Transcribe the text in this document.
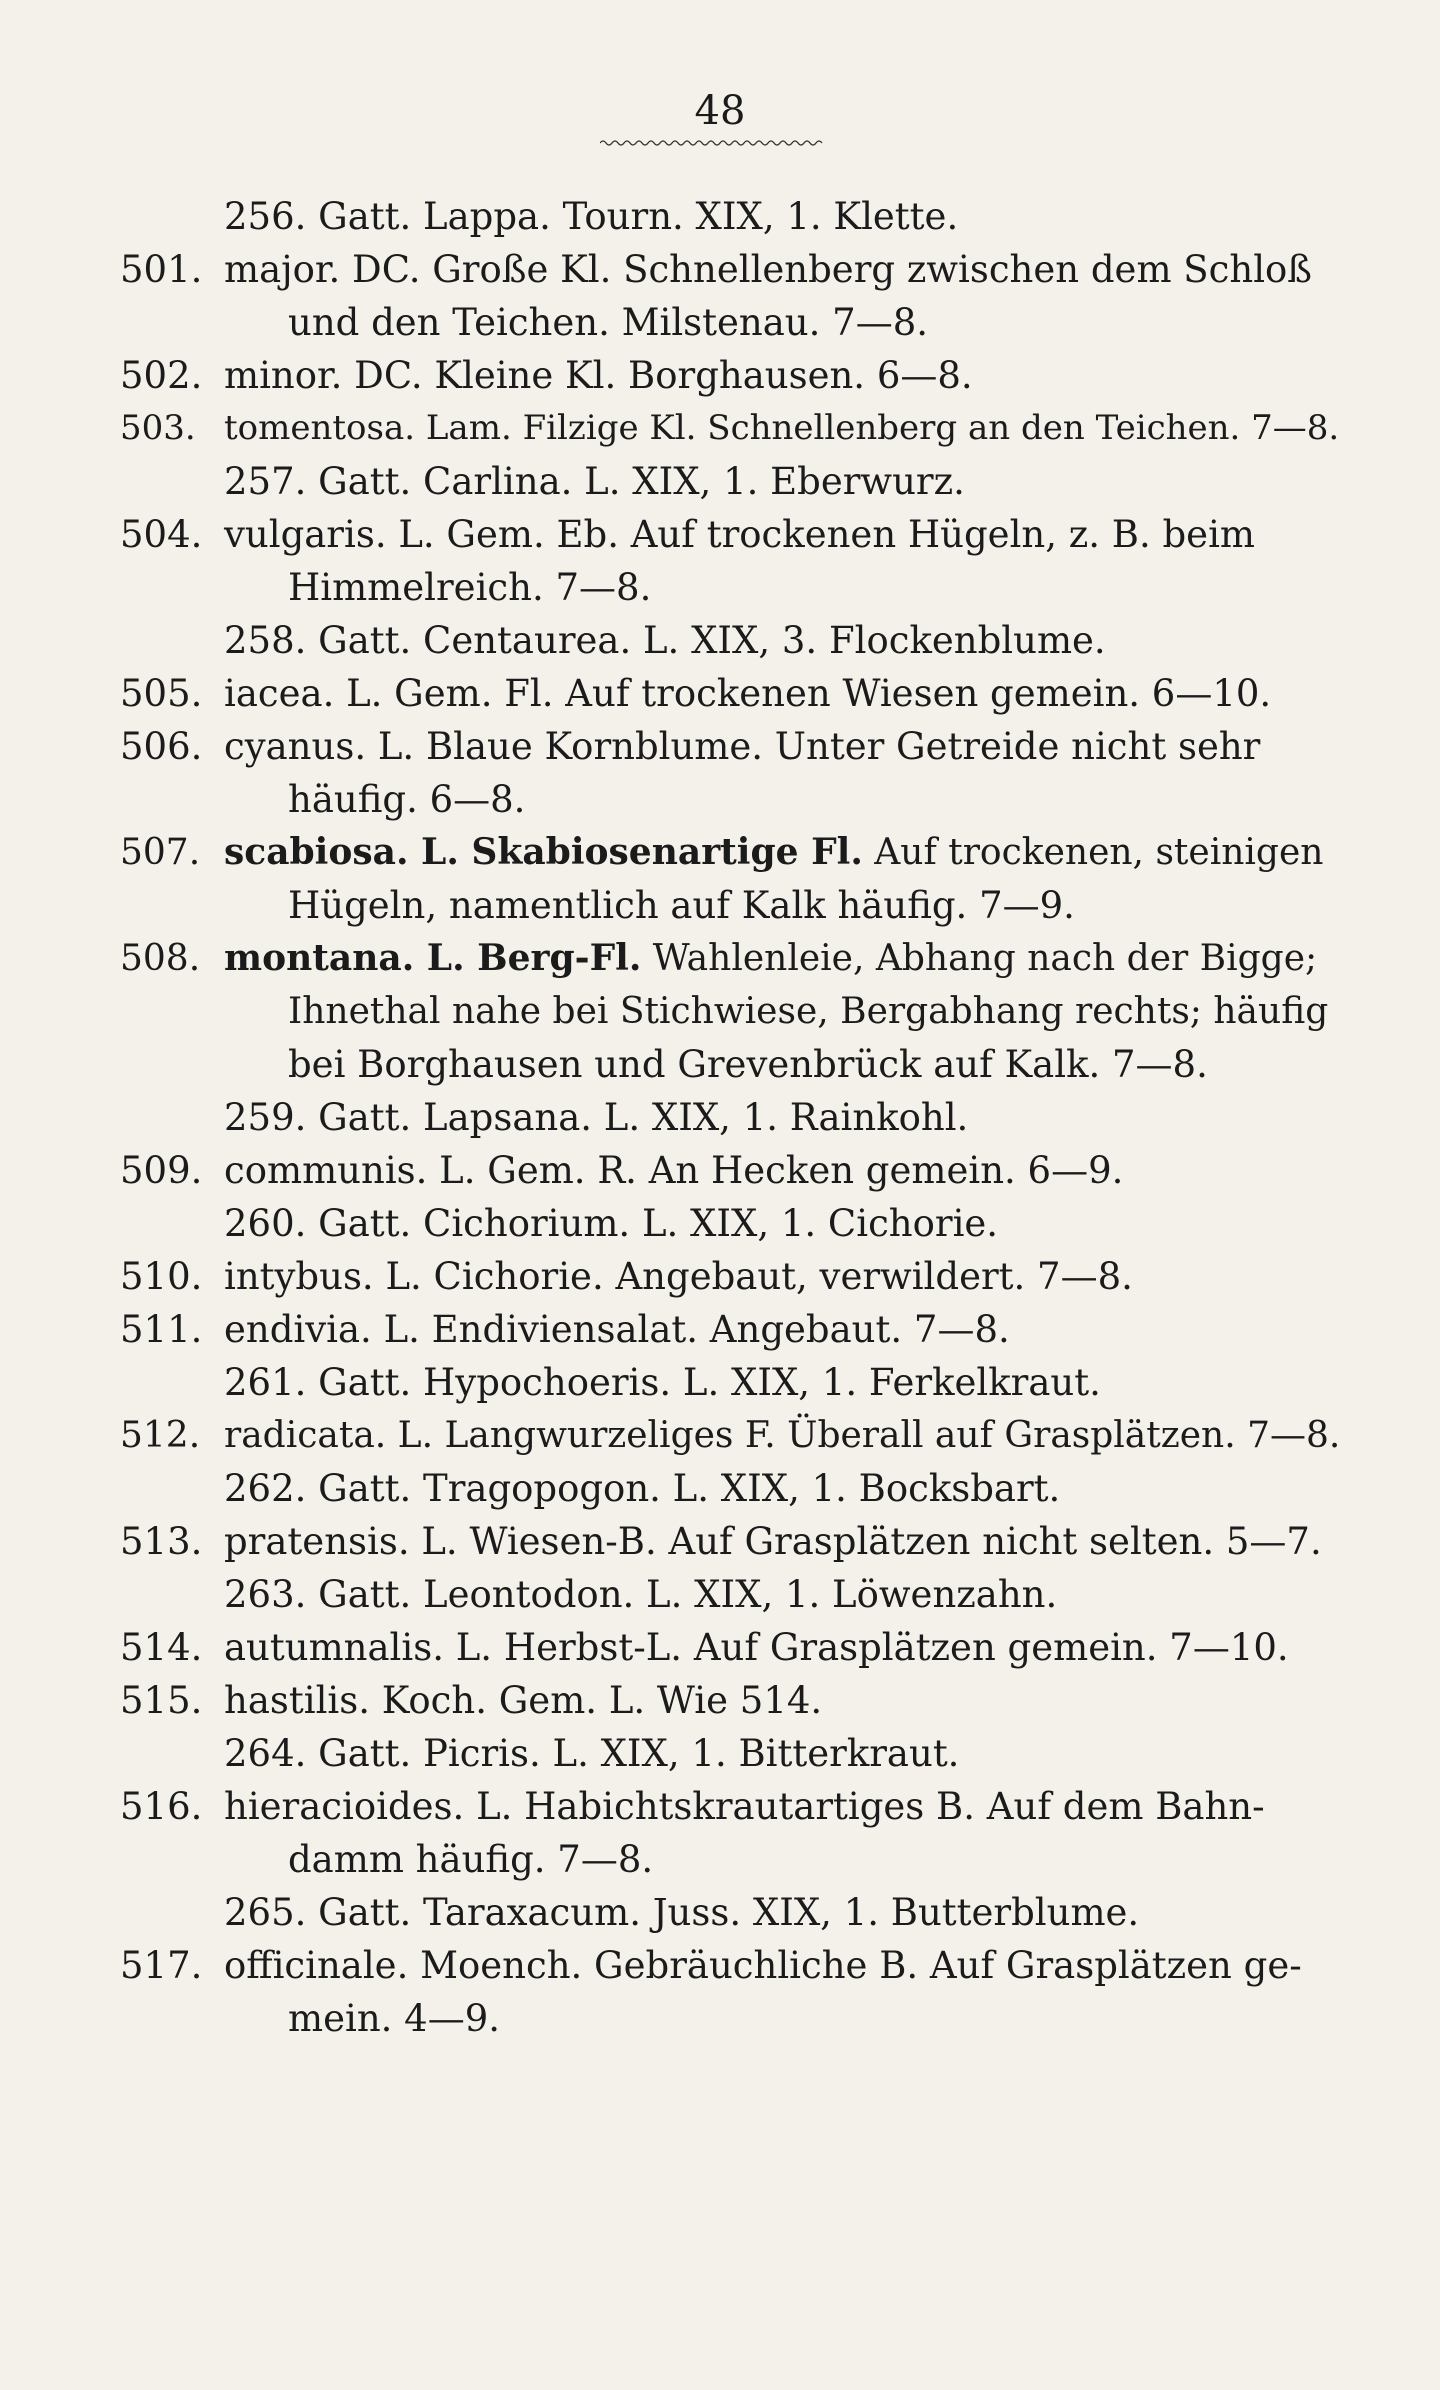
48
256. Gatt. Lappa. Tourn. XIX, 1. Klette.
501. major. DC. Große Kl. Schnellenberg zwischen dem Schloß
und den Teichen. Milstenau. 7—8.
502. minor. DC. Kleine Kl. Borghausen. 6—8.
503. tomentosa. Lam. Filzige Kl. Schnellenberg an den Teichen. 7—8.
257. Gatt. Carlina. L. XIX, 1. Eberwurz.
504. vulgaris. L. Gem. Eb. Auf trockenen Hügeln, z. B. beim
Himmelreich. 7—8.
258. Gatt. Centaurea. L. XIX, 3. Flockenblume.
505. iacea. L. Gem. Fl. Auf trockenen Wiesen gemein. 6—10.
506. cyanus. L. Blaue Kornblume. Unter Getreide nicht sehr
häufig. 6—8.
507. scabiosa. L. Skabiosenartige Fl. Auf trockenen, steinigen
Hügeln, namentlich auf Kalk häufig. 7—9.
508. montana. L. Berg-Fl. Wahlenleie, Abhang nach der Bigge;
Ihnethal nahe bei Stichwiese, Bergabhang rechts; häufig
bei Borghausen und Grevenbrück auf Kalk. 7—8.
259. Gatt. Lapsana. L. XIX, 1. Rainkohl.
509. communis. L. Gem. R. An Hecken gemein. 6—9.
260. Gatt. Cichorium. L. XIX, 1. Cichorie.
510. intybus. L. Cichorie. Angebaut, verwildert. 7—8.
511. endivia. L. Endiviensalat. Angebaut. 7—8.
261. Gatt. Hypochoeris. L. XIX, 1. Ferkelkraut.
512. radicata. L. Langwurzeliges F. Überall auf Grasplätzen. 7—8.
262. Gatt. Tragopogon. L. XIX, 1. Bocksbart.
513. pratensis. L. Wiesen-B. Auf Grasplätzen nicht selten. 5—7.
263. Gatt. Leontodon. L. XIX, 1. Löwenzahn.
514. autumnalis. L. Herbst-L. Auf Grasplätzen gemein. 7—10.
515. hastilis. Koch. Gem. L. Wie 514.
264. Gatt. Picris. L. XIX, 1. Bitterkraut.
516. hieracioides. L. Habichtskrautartiges B. Auf dem Bahn-
damm häufig. 7—8.
265. Gatt. Taraxacum. Juss. XIX, 1. Butterblume.
517. officinale. Moench. Gebräuchliche B. Auf Grasplätzen ge-
mein. 4—9.
